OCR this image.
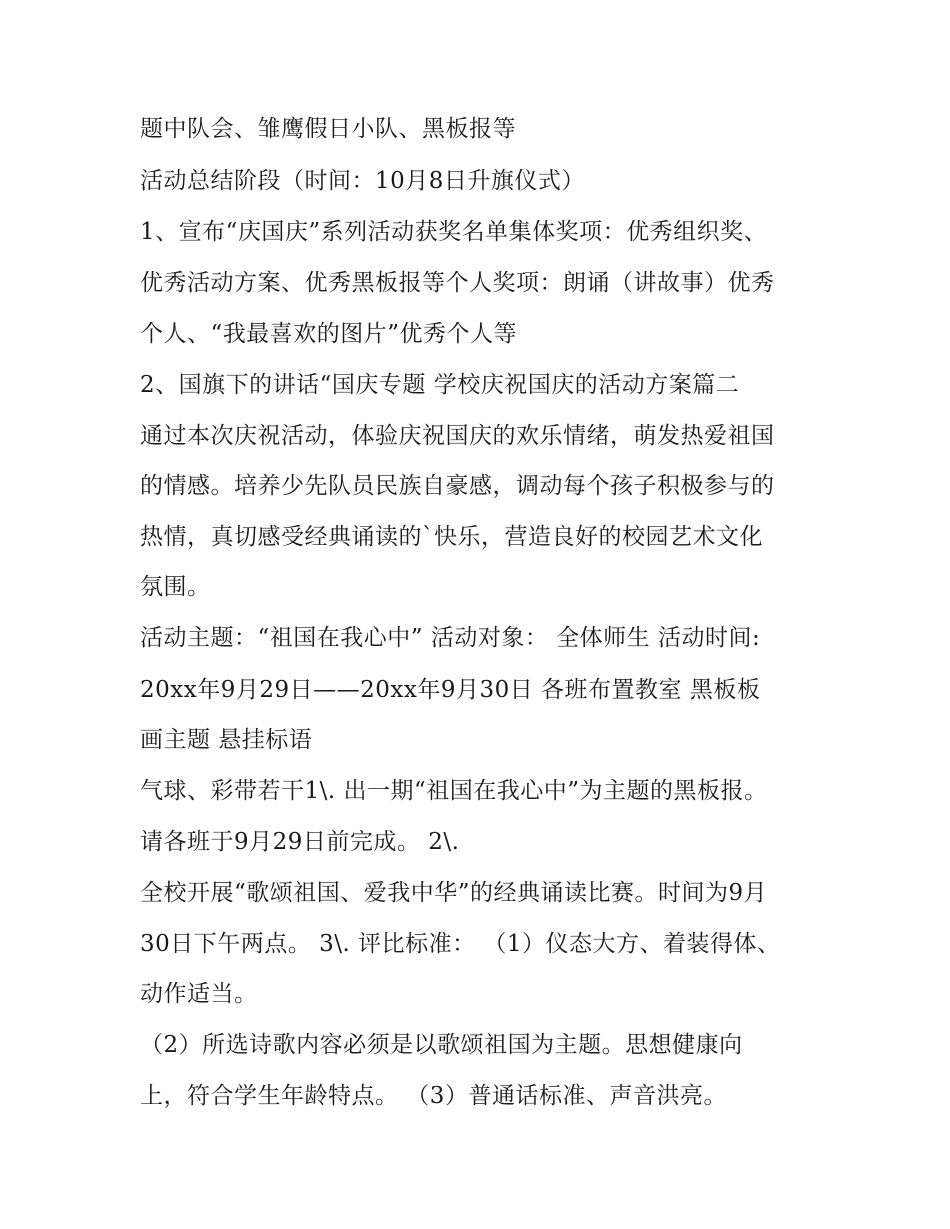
题中队会、雏鹰假日小队、黑板报等
活动总结阶段（时间：10月8日升旗仪式）
1、宣布“庆国庆”系列活动获奖名单集体奖项：优秀组织奖、
优秀活动方案、优秀黑板报等个人奖项：朗诵（讲故事）优秀
个人、“我最喜欢的图片”优秀个人等
2、国旗下的讲话“国庆专题 学校庆祝国庆的活动方案篇二
通过本次庆祝活动，体验庆祝国庆的欢乐情绪，萌发热爱祖国
的情感。培养少先队员民族自豪感，调动每个孩子积极参与的
热情，真切感受经典诵读的`快乐，营造良好的校园艺术文化
氛围。
活动主题：“祖国在我心中” 活动对象： 全体师生 活动时间:
20xx年9月29日——20xx年9月30日 各班布置教室 黑板板
画主题 悬挂标语
气球、彩带若干1\. 出一期“祖国在我心中”为主题的黑板报。
请各班于9月29日前完成。 2\.
全校开展“歌颂祖国、爱我中华”的经典诵读比赛。时间为9月
30日下午两点。 3\. 评比标准： （1）仪态大方、着装得体、
动作适当。
（2）所选诗歌内容必须是以歌颂祖国为主题。思想健康向
上，符合学生年龄特点。 （3）普通话标准、声音洪亮。
